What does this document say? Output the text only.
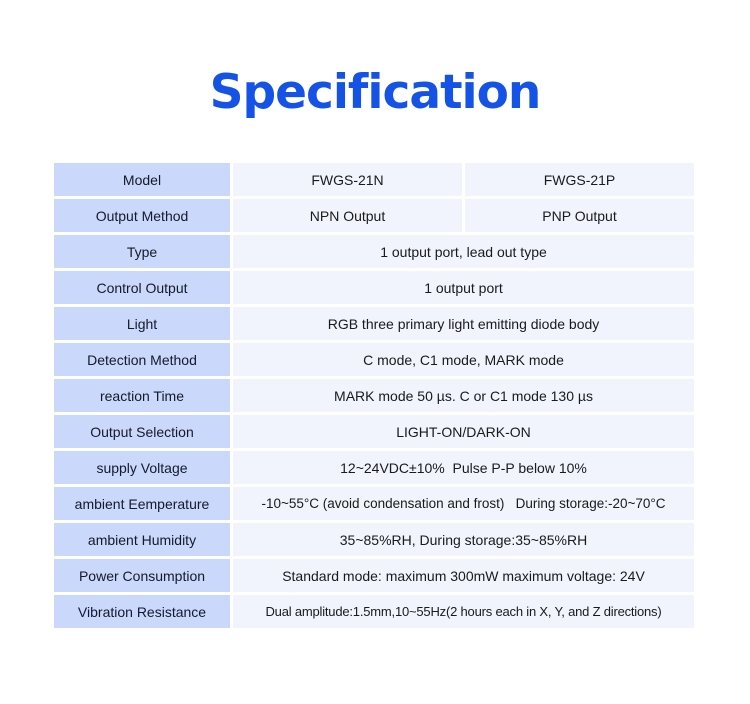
Specification
Model	FWGS-21N	FWGS-21P
Output Method	NPN Output	PNP Output
Type	1 output port, lead out type
Control Output	1 output port
Light	RGB three primary light emitting diode body
Detection Method	C mode, C1 mode, MARK mode
reaction Time	MARK mode 50 µs. C or C1 mode 130 µs
Output Selection	LIGHT-ON/DARK-ON
supply Voltage	12~24VDC±10%  Pulse P-P below 10%
ambient Eemperature	-10~55°C (avoid condensation and frost)   During storage:-20~70°C
ambient Humidity	35~85%RH, During storage:35~85%RH
Power Consumption	Standard mode: maximum 300mW maximum voltage: 24V
Vibration Resistance	Dual amplitude:1.5mm,10~55Hz(2 hours each in X, Y, and Z directions)
